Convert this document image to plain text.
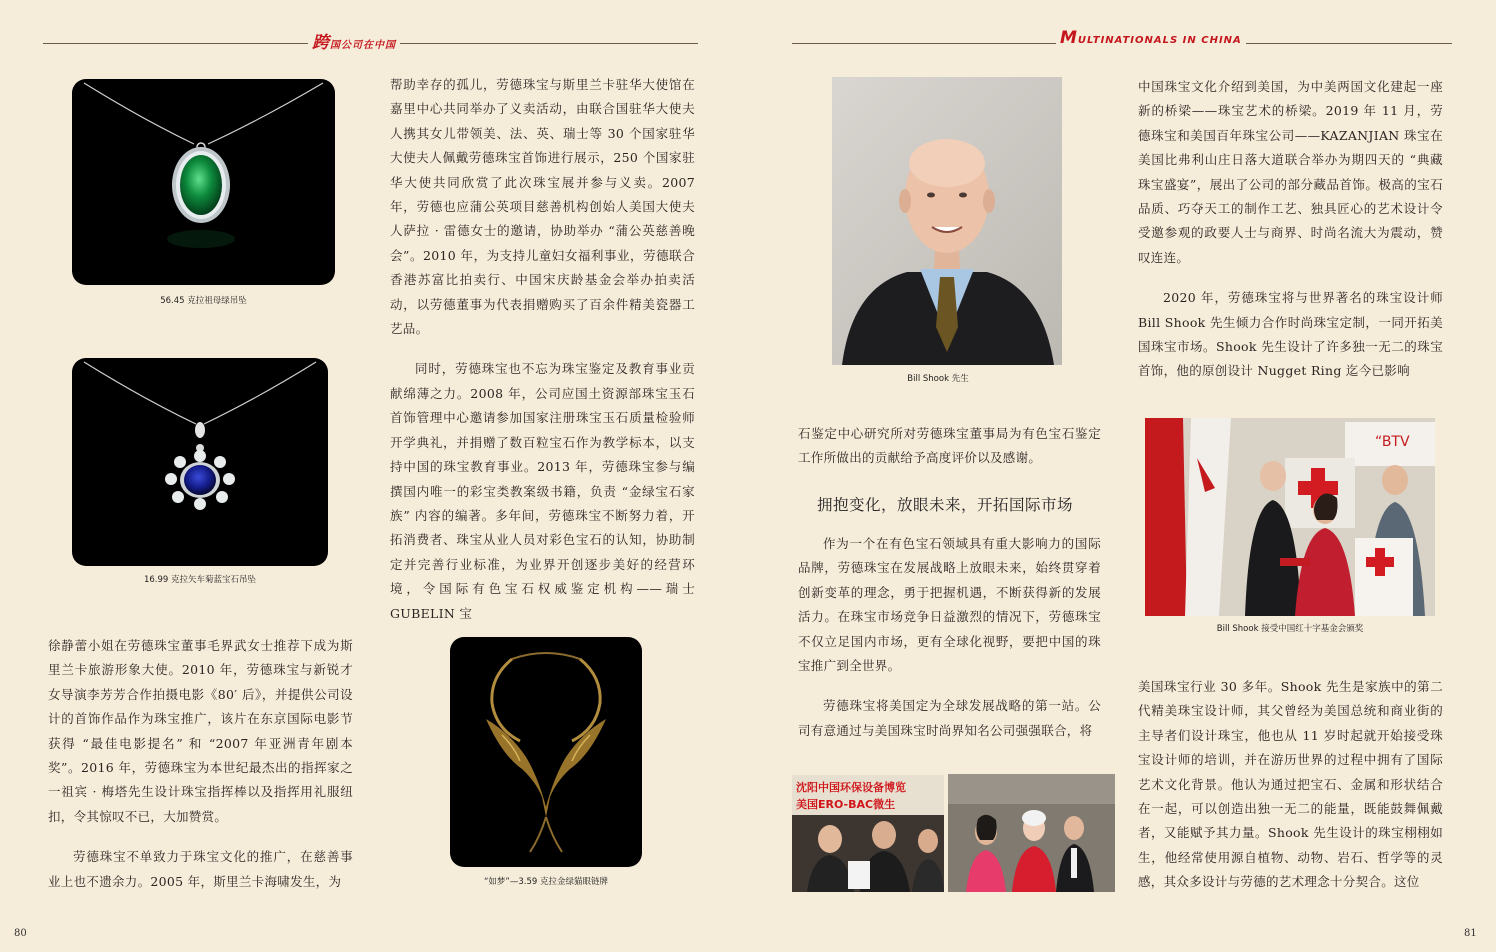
跨国公司在中国	MULTINATIONALS IN CHINA
56.45 克拉祖母绿吊坠
16.99 克拉矢车菊蓝宝石吊坠
“如梦”—3.59 克拉金绿猫眼链牌

帮助幸存的孤儿，劳德珠宝与斯里兰卡驻华大使馆在嘉里中心共同举办了义卖活动，由联合国驻华大使夫人携其女儿带领美、法、英、瑞士等 30 个国家驻华大使夫人佩戴劳德珠宝首饰进行展示，250 个国家驻华大使共同欣赏了此次珠宝展并参与义卖。2007 年，劳德也应蒲公英项目慈善机构创始人美国大使夫人萨拉 · 雷德女士的邀请，协助举办 “蒲公英慈善晚会”。2010 年，为支持儿童妇女福利事业，劳德联合香港苏富比拍卖行、中国宋庆龄基金会举办拍卖活动，以劳德董事为代表捐赠购买了百余件精美瓷器工艺品。

同时，劳德珠宝也不忘为珠宝鉴定及教育事业贡献绵薄之力。2008 年，公司应国土资源部珠宝玉石首饰管理中心邀请参加国家注册珠宝玉石质量检验师开学典礼，并捐赠了数百粒宝石作为教学标本，以支持中国的珠宝教育事业。2013 年，劳德珠宝参与编撰国内唯一的彩宝类教案级书籍，负责 “金绿宝石家族” 内容的编著。多年间，劳德珠宝不断努力着，开拓消费者、珠宝从业人员对彩色宝石的认知，协助制定并完善行业标准，为业界开创逐步美好的经营环境，令国际有色宝石权威鉴定机构——瑞士 GUBELIN 宝

徐静蕾小姐在劳德珠宝董事毛界武女士推荐下成为斯里兰卡旅游形象大使。2010 年，劳德珠宝与新锐才女导演李芳芳合作拍摄电影《80′ 后》，并提供公司设计的首饰作品作为珠宝推广，该片在东京国际电影节获得 “最佳电影提名” 和 “2007 年亚洲青年剧本奖”。2016 年，劳德珠宝为本世纪最杰出的指挥家之一祖宾 · 梅塔先生设计珠宝指挥棒以及指挥用礼服纽扣，令其惊叹不已，大加赞赏。

劳德珠宝不单致力于珠宝文化的推广，在慈善事业上也不遗余力。2005 年，斯里兰卡海啸发生，为

Bill Shook 先生

石鉴定中心研究所对劳德珠宝董事局为有色宝石鉴定工作所做出的贡献给予高度评价以及感谢。

拥抱变化，放眼未来，开拓国际市场

作为一个在有色宝石领域具有重大影响力的国际品牌，劳德珠宝在发展战略上放眼未来，始终贯穿着创新变革的理念，勇于把握机遇，不断获得新的发展活力。在珠宝市场竞争日益激烈的情况下，劳德珠宝不仅立足国内市场，更有全球化视野，要把中国的珠宝推广到全世界。

劳德珠宝将美国定为全球发展战略的第一站。公司有意通过与美国珠宝时尚界知名公司强强联合，将

沈阳中国环保设备博览
美国ERO-BAC微生

中国珠宝文化介绍到美国，为中美两国文化建起一座新的桥梁——珠宝艺术的桥梁。2019 年 11 月，劳德珠宝和美国百年珠宝公司——KAZANJIAN 珠宝在美国比弗利山庄日落大道联合举办为期四天的 “典藏珠宝盛宴”，展出了公司的部分藏品首饰。极高的宝石品质、巧夺天工的制作工艺、独具匠心的艺术设计令受邀参观的政要人士与商界、时尚名流大为震动，赞叹连连。

2020 年，劳德珠宝将与世界著名的珠宝设计师 Bill Shook 先生倾力合作时尚珠宝定制，一同开拓美国珠宝市场。Shook 先生设计了许多独一无二的珠宝首饰，他的原创设计 Nugget Ring 迄今已影响

“BTV
Bill Shook 接受中国红十字基金会颁奖

美国珠宝行业 30 多年。Shook 先生是家族中的第二代精美珠宝设计师，其父曾经为美国总统和商业街的主导者们设计珠宝，他也从 11 岁时起就开始接受珠宝设计师的培训，并在游历世界的过程中拥有了国际艺术文化背景。他认为通过把宝石、金属和形状结合在一起，可以创造出独一无二的能量，既能鼓舞佩戴者，又能赋予其力量。Shook 先生设计的珠宝栩栩如生，他经常使用源自植物、动物、岩石、哲学等的灵感，其众多设计与劳德的艺术理念十分契合。这位

80	81
